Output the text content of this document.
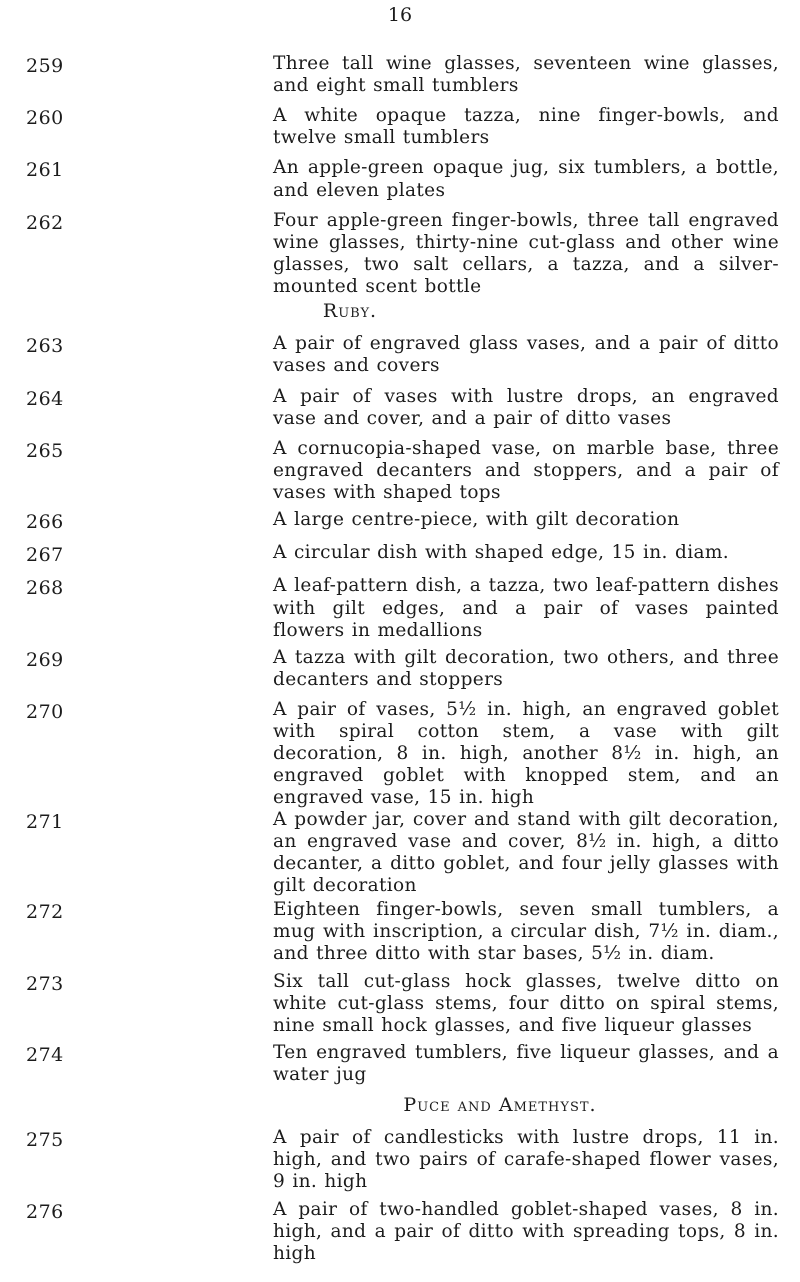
16
259	Three tall wine glasses, seventeen wine glasses, and eight small tumblers
260	A white opaque tazza, nine finger-bowls, and twelve small tumblers
261	An apple-green opaque jug, six tumblers, a bottle, and eleven plates
262	Four apple-green finger-bowls, three tall engraved wine glasses, thirty-nine cut-glass and other wine glasses, two salt cellars, a tazza, and a silver-mounted scent bottle
Ruby.
263	A pair of engraved glass vases, and a pair of ditto vases and covers
264	A pair of vases with lustre drops, an engraved vase and cover, and a pair of ditto vases
265	A cornucopia-shaped vase, on marble base, three engraved decanters and stoppers, and a pair of vases with shaped tops
266	A large centre-piece, with gilt decoration
267	A circular dish with shaped edge, 15 in. diam.
268	A leaf-pattern dish, a tazza, two leaf-pattern dishes with gilt edges, and a pair of vases painted flowers in medallions
269	A tazza with gilt decoration, two others, and three decanters and stoppers
270	A pair of vases, 5½ in. high, an engraved goblet with spiral cotton stem, a vase with gilt decoration, 8 in. high, another 8½ in. high, an engraved goblet with knopped stem, and an engraved vase, 15 in. high
271	A powder jar, cover and stand with gilt decoration, an engraved vase and cover, 8½ in. high, a ditto decanter, a ditto goblet, and four jelly glasses with gilt decoration
272	Eighteen finger-bowls, seven small tumblers, a mug with inscription, a circular dish, 7½ in. diam., and three ditto with star bases, 5½ in. diam.
273	Six tall cut-glass hock glasses, twelve ditto on white cut-glass stems, four ditto on spiral stems, nine small hock glasses, and five liqueur glasses
274	Ten engraved tumblers, five liqueur glasses, and a water jug
Puce and Amethyst.
275	A pair of candlesticks with lustre drops, 11 in. high, and two pairs of carafe-shaped flower vases, 9 in. high
276	A pair of two-handled goblet-shaped vases, 8 in. high, and a pair of ditto with spreading tops, 8 in. high
